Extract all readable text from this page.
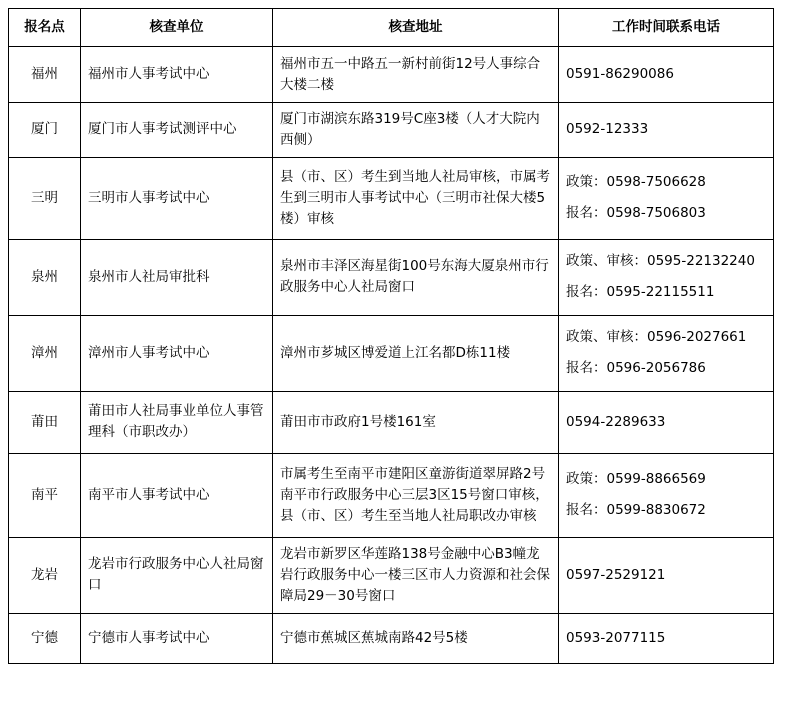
报名点	核查单位	核查地址	工作时间联系电话
福州	福州市人事考试中心	福州市五一中路五一新村前街12号人事综合大楼二楼	0591-86290086

厦门	厦门市人事考试测评中心	厦门市湖滨东路319号C座3楼（人才大院内西侧）	0592-12333

三明	三明市人事考试中心	县（市、区）考生到当地人社局审核，市属考生到三明市人事考试中心（三明市社保大楼5楼）审核	政策：0598-7506628
报名：0598-7506803

泉州	泉州市人社局审批科	泉州市丰泽区海星街100号东海大厦泉州市行政服务中心人社局窗口	政策、审核：0595-22132240
报名：0595-22115511

漳州	漳州市人事考试中心	漳州市芗城区博爱道上江名都D栋11楼	政策、审核：0596-2027661
报名：0596-2056786

莆田	莆田市人社局事业单位人事管理科（市职改办）	莆田市市政府1号楼161室	0594-2289633

南平	南平市人事考试中心	市属考生至南平市建阳区童游街道翠屏路2号南平市行政服务中心三层3区15号窗口审核，县（市、区）考生至当地人社局职改办审核	政策：0599-8866569
报名：0599-8830672

龙岩	龙岩市行政服务中心人社局窗口	龙岩市新罗区华莲路138号金融中心B3幢龙岩行政服务中心一楼三区市人力资源和社会保障局29－30号窗口	0597-2529121

宁德	宁德市人事考试中心	宁德市蕉城区蕉城南路42号5楼	0593-2077115
